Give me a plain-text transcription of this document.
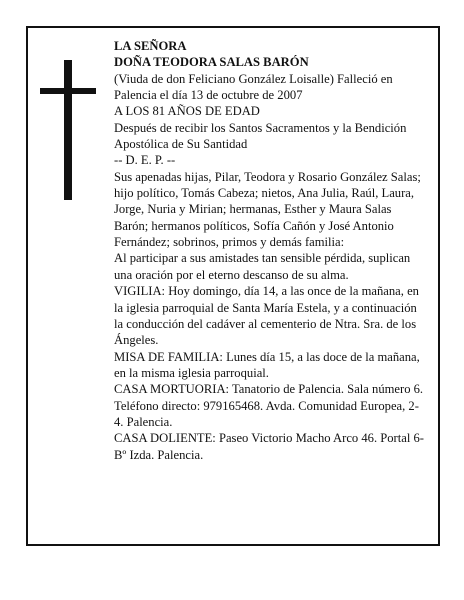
LA SEÑORA

DOÑA TEODORA SALAS BARÓN

(Viuda de don Feliciano González Loisalle) Falleció en Palencia el día 13 de octubre de 2007

A LOS 81 AÑOS DE EDAD

Después de recibir los Santos Sacramentos y la Bendición Apostólica de Su Santidad

-- D. E. P. --

Sus apenadas hijas, Pilar, Teodora y Rosario González Salas; hijo político, Tomás Cabeza; nietos, Ana Julia, Raúl, Laura, Jorge, Nuria y Mirian; hermanas, Esther y Maura Salas Barón; hermanos políticos, Sofía Cañón y José Antonio Fernández; sobrinos, primos y demás familia:

Al participar a sus amistades tan sensible pérdida, suplican una oración por el eterno descanso de su alma.

VIGILIA: Hoy domingo, día 14, a las once de la mañana, en la iglesia parroquial de Santa María Estela, y a continuación la conducción del cadáver al cementerio de Ntra. Sra. de los Ángeles.

MISA DE FAMILIA: Lunes día 15, a las doce de la mañana, en la misma iglesia parroquial.

CASA MORTUORIA: Tanatorio de Palencia. Sala número 6. Teléfono directo: 979165468. Avda. Comunidad Europea, 2-4. Palencia.

CASA DOLIENTE: Paseo Victorio Macho Arco 46. Portal 6-Bº Izda. Palencia.
